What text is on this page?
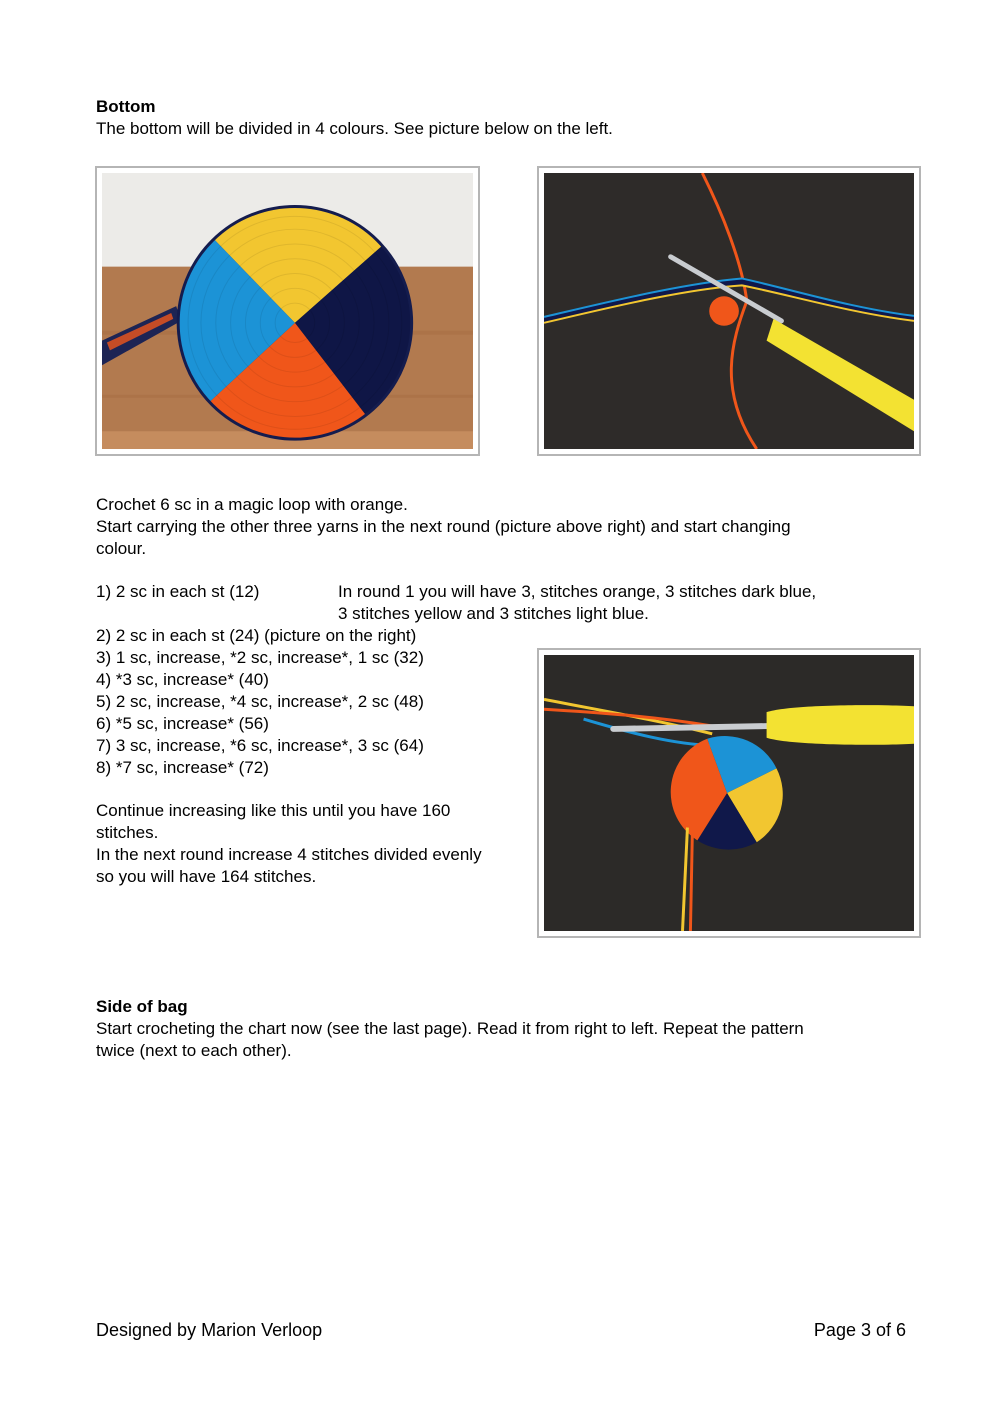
Bottom
The bottom will be divided in 4 colours. See picture below on the left.
Crochet 6 sc in a magic loop with orange.
Start carrying the other three yarns in the next round (picture above right) and start changing
colour.
1) 2 sc in each st (12)	In round 1 you will have 3, stitches orange, 3 stitches dark blue,
3 stitches yellow and 3 stitches light blue.
2) 2 sc in each st (24) (picture on the right)
3) 1 sc, increase, *2 sc, increase*, 1 sc (32)
4) *3 sc, increase* (40)
5) 2 sc, increase, *4 sc, increase*, 2 sc (48)
6) *5 sc, increase* (56)
7) 3 sc, increase, *6 sc, increase*, 3 sc (64)
8) *7 sc, increase* (72)
Continue increasing like this until you have 160
stitches.
In the next round increase 4 stitches divided evenly
so you will have 164 stitches.
Side of bag
Start crocheting the chart now (see the last page). Read it from right to left. Repeat the pattern
twice (next to each other).
Designed by Marion Verloop	Page 3 of 6
